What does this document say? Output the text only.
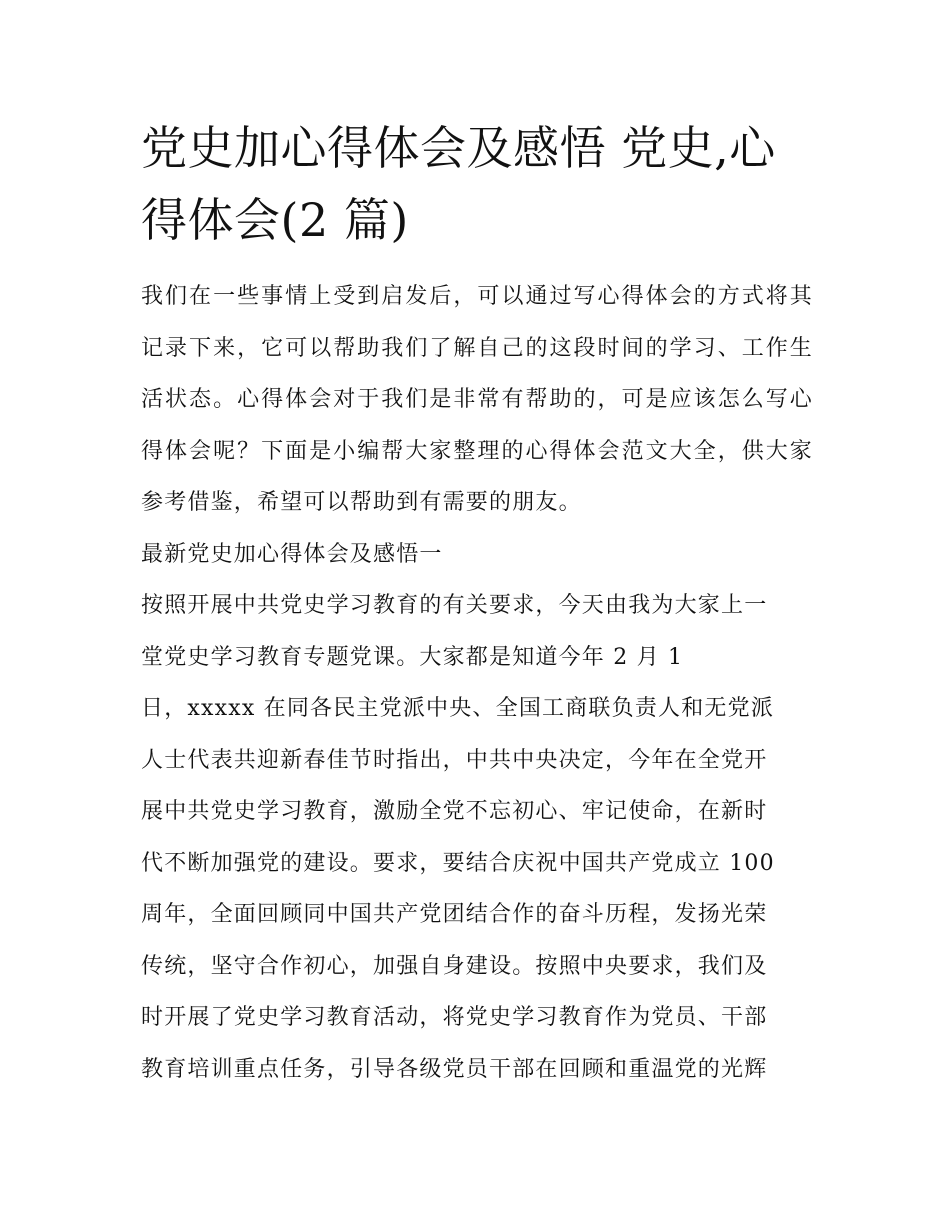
党史加心得体会及感悟 党史,心得体会(2 篇)

我们在一些事情上受到启发后，可以通过写心得体会的方式将其记录下来，它可以帮助我们了解自己的这段时间的学习、工作生活状态。心得体会对于我们是非常有帮助的，可是应该怎么写心得体会呢？下面是小编帮大家整理的心得体会范文大全，供大家参考借鉴，希望可以帮助到有需要的朋友。

最新党史加心得体会及感悟一

按照开展中共党史学习教育的有关要求，今天由我为大家上一

堂党史学习教育专题党课。大家都是知道今年 2 月 1

日，xxxxx 在同各民主党派中央、全国工商联负责人和无党派

人士代表共迎新春佳节时指出，中共中央决定，今年在全党开

展中共党史学习教育，激励全党不忘初心、牢记使命，在新时

代不断加强党的建设。要求，要结合庆祝中国共产党成立 100

周年，全面回顾同中国共产党团结合作的奋斗历程，发扬光荣

传统，坚守合作初心，加强自身建设。按照中央要求，我们及

时开展了党史学习教育活动，将党史学习教育作为党员、干部

教育培训重点任务，引导各级党员干部在回顾和重温党的光辉
